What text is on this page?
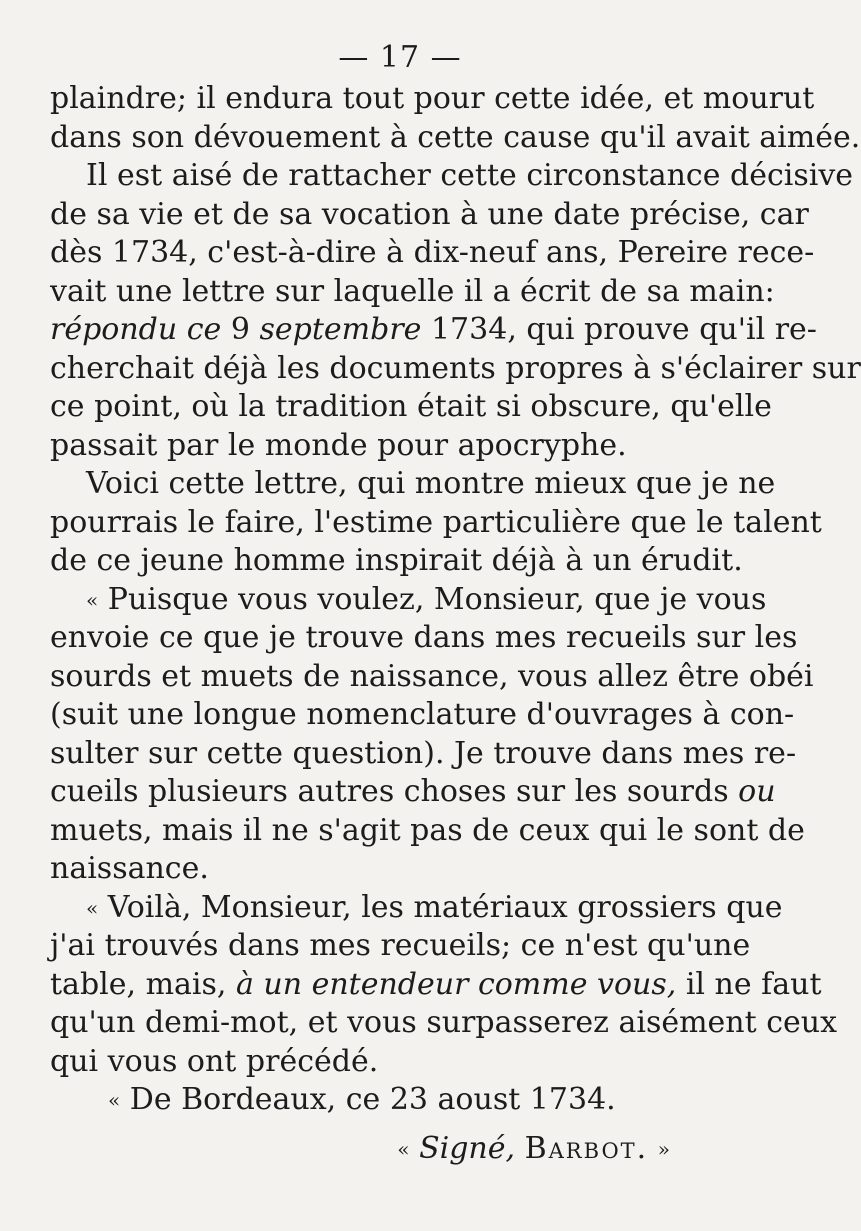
— 17 —
plaindre; il endura tout pour cette idée, et mourut
dans son dévouement à cette cause qu'il avait aimée.
Il est aisé de rattacher cette circonstance décisive
de sa vie et de sa vocation à une date précise, car
dès 1734, c'est-à-dire à dix-neuf ans, Pereire rece-
vait une lettre sur laquelle il a écrit de sa main:
répondu ce 9 septembre 1734, qui prouve qu'il re-
cherchait déjà les documents propres à s'éclairer sur
ce point, où la tradition était si obscure, qu'elle
passait par le monde pour apocryphe.
Voici cette lettre, qui montre mieux que je ne
pourrais le faire, l'estime particulière que le talent
de ce jeune homme inspirait déjà à un érudit.
« Puisque vous voulez, Monsieur, que je vous
envoie ce que je trouve dans mes recueils sur les
sourds et muets de naissance, vous allez être obéi
(suit une longue nomenclature d'ouvrages à con-
sulter sur cette question). Je trouve dans mes re-
cueils plusieurs autres choses sur les sourds ou
muets, mais il ne s'agit pas de ceux qui le sont de
naissance.
« Voilà, Monsieur, les matériaux grossiers que
j'ai trouvés dans mes recueils; ce n'est qu'une
table, mais, à un entendeur comme vous, il ne faut
qu'un demi-mot, et vous surpasserez aisément ceux
qui vous ont précédé.
« De Bordeaux, ce 23 aoust 1734.
« Signé, Barbot. »
